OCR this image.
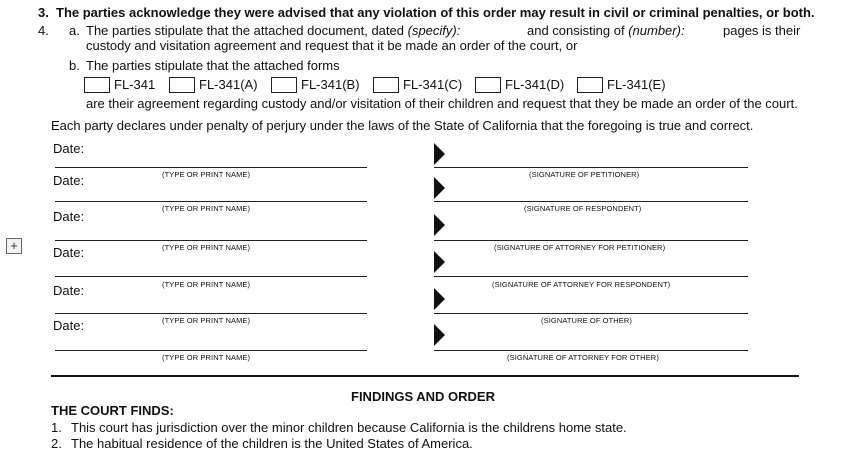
3. The parties acknowledge they were advised that any violation of this order may result in civil or criminal penalties, or both.
4. a. The parties stipulate that the attached document, dated (specify):	and consisting of (number):	pages is their
custody and visitation agreement and request that it be made an order of the court, or
b. The parties stipulate that the attached forms
FL-341	FL-341(A)	FL-341(B)	FL-341(C)	FL-341(D)	FL-341(E)
are their agreement regarding custody and/or visitation of their children and request that they be made an order of the court.
Each party declares under penalty of perjury under the laws of the State of California that the foregoing is true and correct.
Date:
(TYPE OR PRINT NAME)	(SIGNATURE OF PETITIONER)
Date:
(TYPE OR PRINT NAME)	(SIGNATURE OF RESPONDENT)
Date:
(TYPE OR PRINT NAME)	(SIGNATURE OF ATTORNEY FOR PETITIONER)
+	Date:
(TYPE OR PRINT NAME)	(SIGNATURE OF ATTORNEY FOR RESPONDENT)
Date:
(TYPE OR PRINT NAME)	(SIGNATURE OF OTHER)
Date:
(TYPE OR PRINT NAME)	(SIGNATURE OF ATTORNEY FOR OTHER)
FINDINGS AND ORDER
THE COURT FINDS:
1. This court has jurisdiction over the minor children because California is the childrens home state.
2. The habitual residence of the children is the United States of America.
